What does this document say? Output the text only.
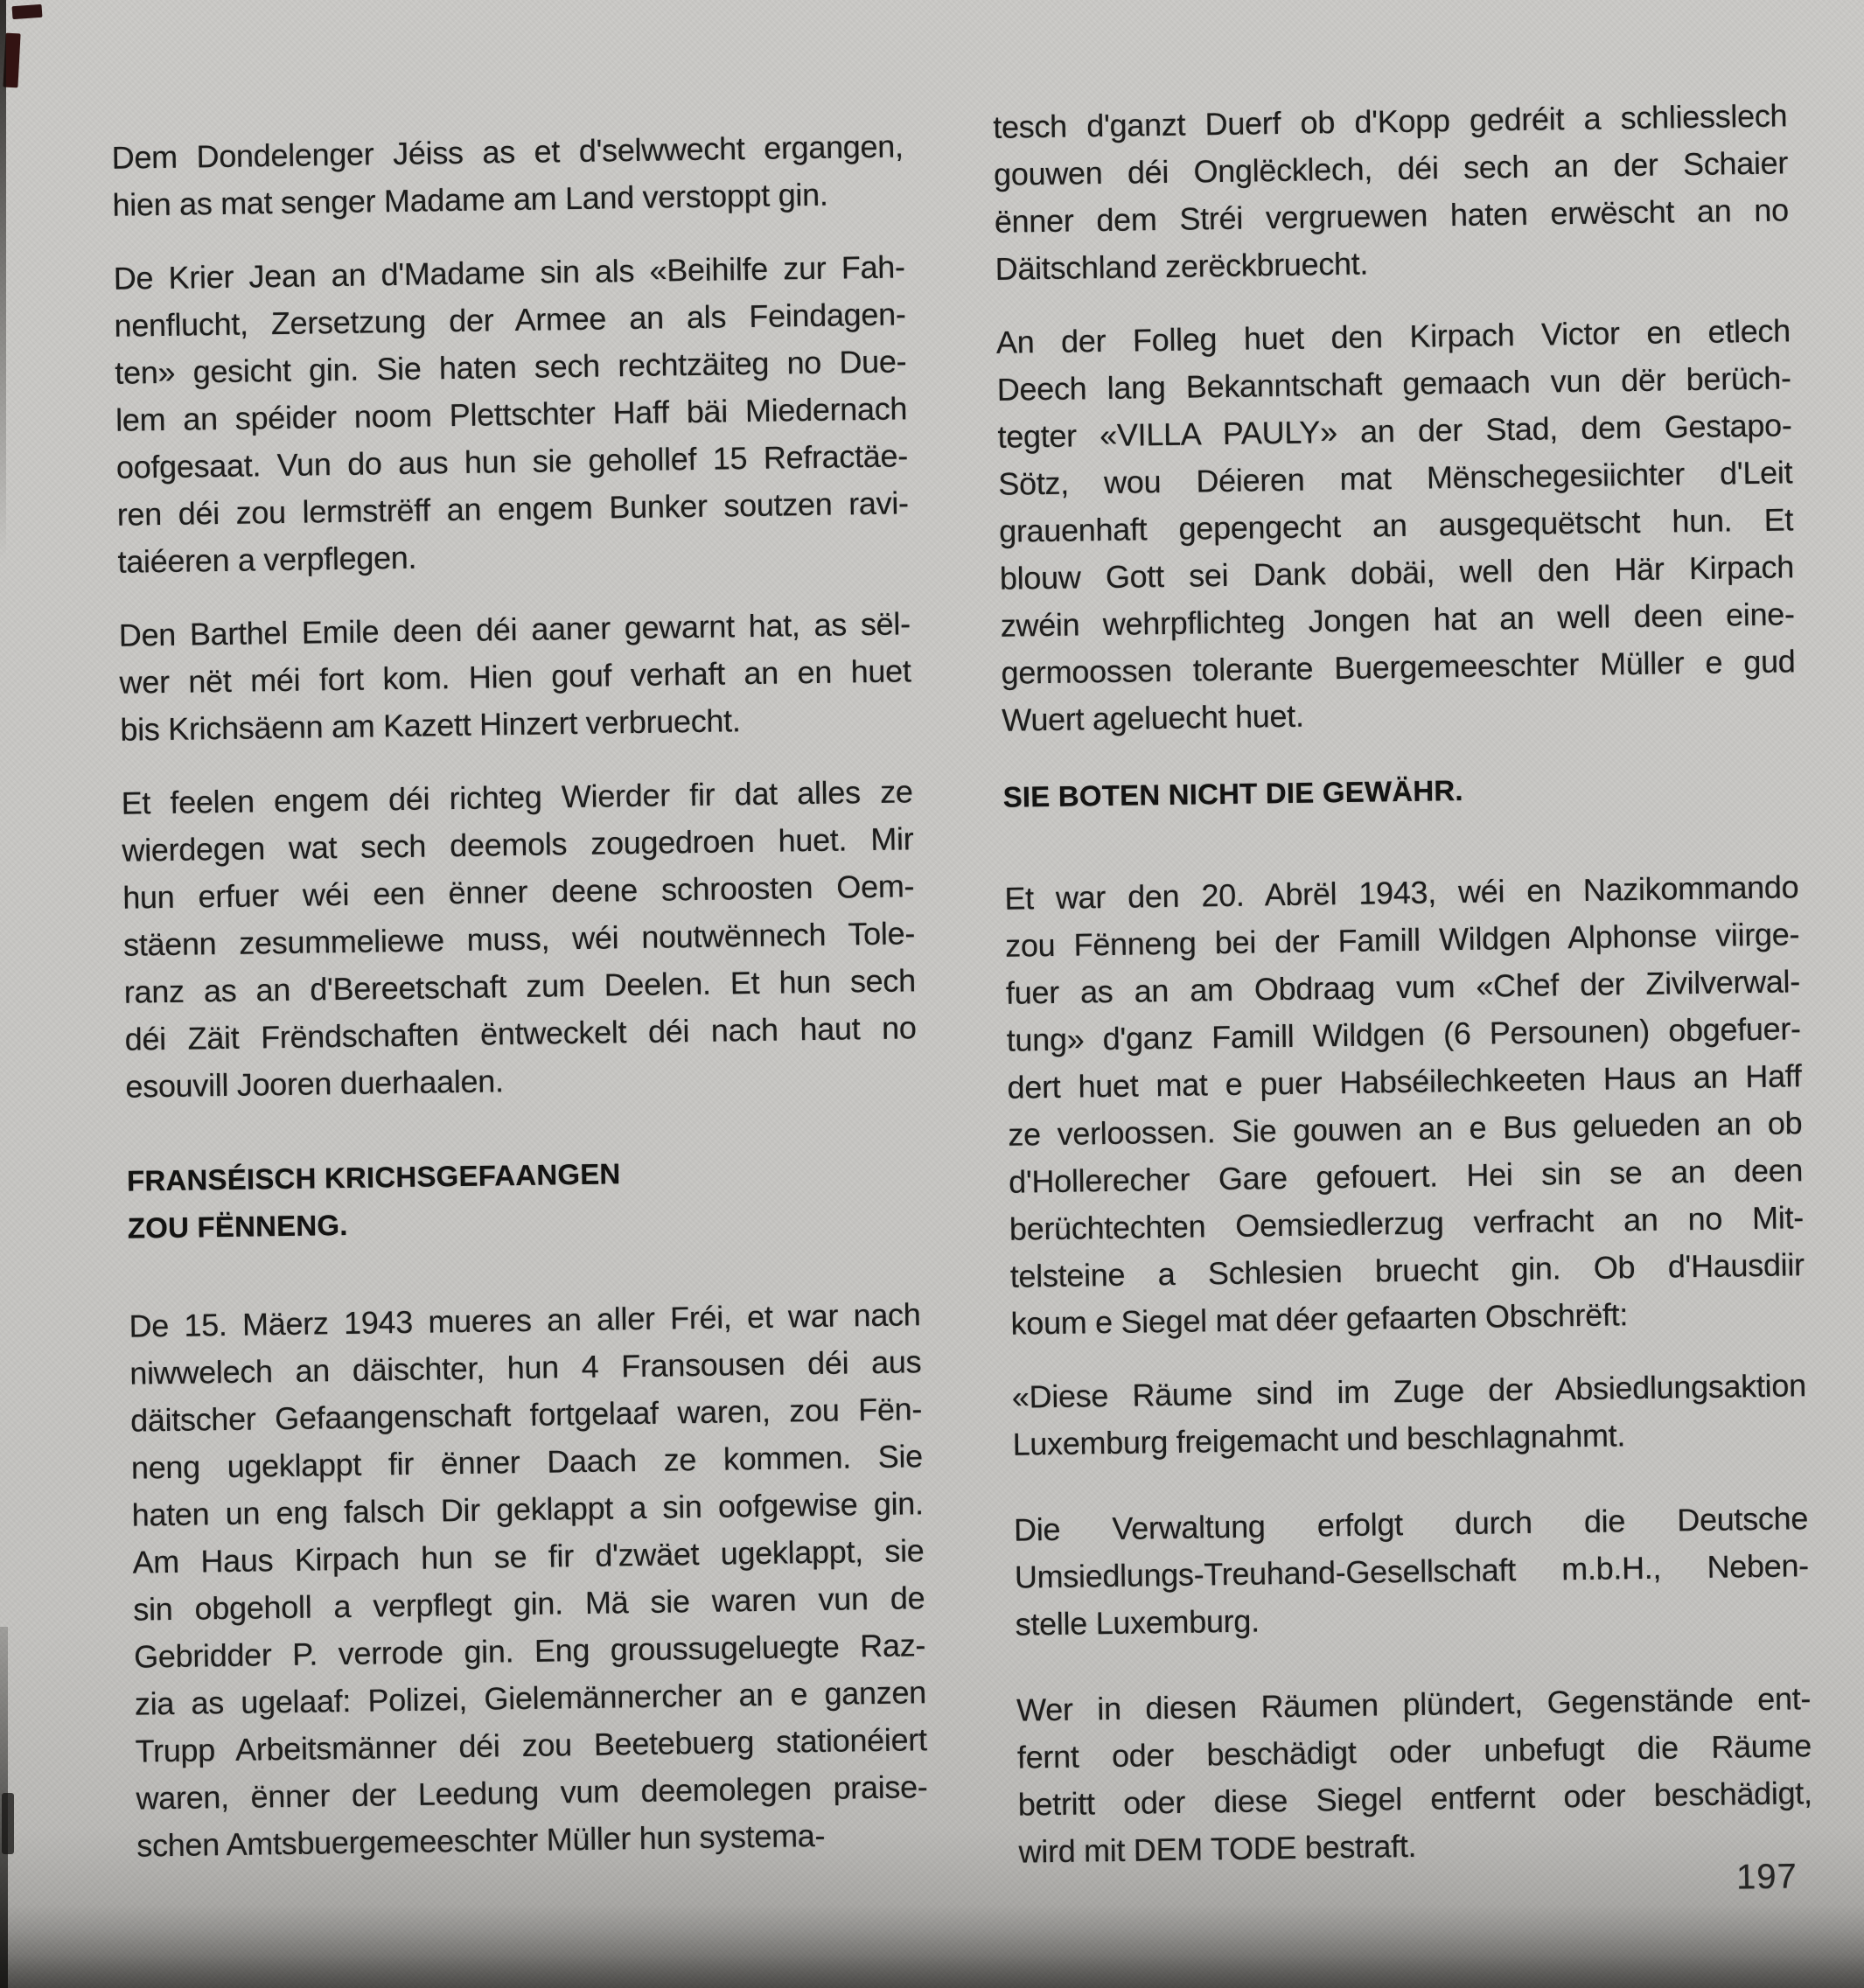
Dem Dondelenger Jéiss as et d'selwwecht ergangen,
hien as mat senger Madame am Land verstoppt gin.
De Krier Jean an d'Madame sin als «Beihilfe zur Fah-
nenflucht, Zersetzung der Armee an als Feindagen-
ten» gesicht gin. Sie haten sech rechtzäiteg no Due-
lem an spéider noom Plettschter Haff bäi Miedernach
oofgesaat. Vun do aus hun sie gehollef 15 Refractäe-
ren déi zou lermstrëff an engem Bunker soutzen ravi-
taiéeren a verpflegen.
Den Barthel Emile deen déi aaner gewarnt hat, as sël-
wer nët méi fort kom. Hien gouf verhaft an en huet
bis Krichsäenn am Kazett Hinzert verbruecht.
Et feelen engem déi richteg Wierder fir dat alles ze
wierdegen wat sech deemols zougedroen huet. Mir
hun erfuer wéi een ënner deene schroosten Oem-
stäenn zesummeliewe muss, wéi noutwënnech Tole-
ranz as an d'Bereetschaft zum Deelen. Et hun sech
déi Zäit Frëndschaften ëntweckelt déi nach haut no
esouvill Jooren duerhaalen.
FRANSÉISCH KRICHSGEFAANGEN
ZOU FËNNENG.
De 15. Mäerz 1943 mueres an aller Fréi, et war nach
niwwelech an däischter, hun 4 Fransousen déi aus
däitscher Gefaangenschaft fortgelaaf waren, zou Fën-
neng ugeklappt fir ënner Daach ze kommen. Sie
haten un eng falsch Dir geklappt a sin oofgewise gin.
Am Haus Kirpach hun se fir d'zwäet ugeklappt, sie
sin obgeholl a verpflegt gin. Mä sie waren vun de
Gebridder P. verrode gin. Eng groussugeluegte Raz-
zia as ugelaaf: Polizei, Gielemännercher an e ganzen
Trupp Arbeitsmänner déi zou Beetebuerg stationéiert
waren, ënner der Leedung vum deemolegen praise-
schen Amtsbuergemeeschter Müller hun systema-
tesch d'ganzt Duerf ob d'Kopp gedréit a schliesslech
gouwen déi Onglëcklech, déi sech an der Schaier
ënner dem Stréi vergruewen haten erwëscht an no
Däitschland zerëckbruecht.
An der Folleg huet den Kirpach Victor en etlech
Deech lang Bekanntschaft gemaach vun dër berüch-
tegter «VILLA PAULY» an der Stad, dem Gestapo-
Sötz, wou Déieren mat Mënschegesiichter d'Leit
grauenhaft gepengecht an ausgequëtscht hun. Et
blouw Gott sei Dank dobäi, well den Här Kirpach
zwéin wehrpflichteg Jongen hat an well deen eine-
germoossen tolerante Buergemeeschter Müller e gud
Wuert ageluecht huet.
SIE BOTEN NICHT DIE GEWÄHR.
Et war den 20. Abrël 1943, wéi en Nazikommando
zou Fënneng bei der Famill Wildgen Alphonse viirge-
fuer as an am Obdraag vum «Chef der Zivilverwal-
tung» d'ganz Famill Wildgen (6 Persounen) obgefuer-
dert huet mat e puer Habséilechkeeten Haus an Haff
ze verloossen. Sie gouwen an e Bus gelueden an ob
d'Hollerecher Gare gefouert. Hei sin se an deen
berüchtechten Oemsiedlerzug verfracht an no Mit-
telsteine a Schlesien bruecht gin. Ob d'Hausdiir
koum e Siegel mat déer gefaarten Obschrëft:
«Diese Räume sind im Zuge der Absiedlungsaktion
Luxemburg freigemacht und beschlagnahmt.
Die Verwaltung erfolgt durch die Deutsche
Umsiedlungs-Treuhand-Gesellschaft m.b.H., Neben-
stelle Luxemburg.
Wer in diesen Räumen plündert, Gegenstände ent-
fernt oder beschädigt oder unbefugt die Räume
betritt oder diese Siegel entfernt oder beschädigt,
wird mit DEM TODE bestraft.
197
